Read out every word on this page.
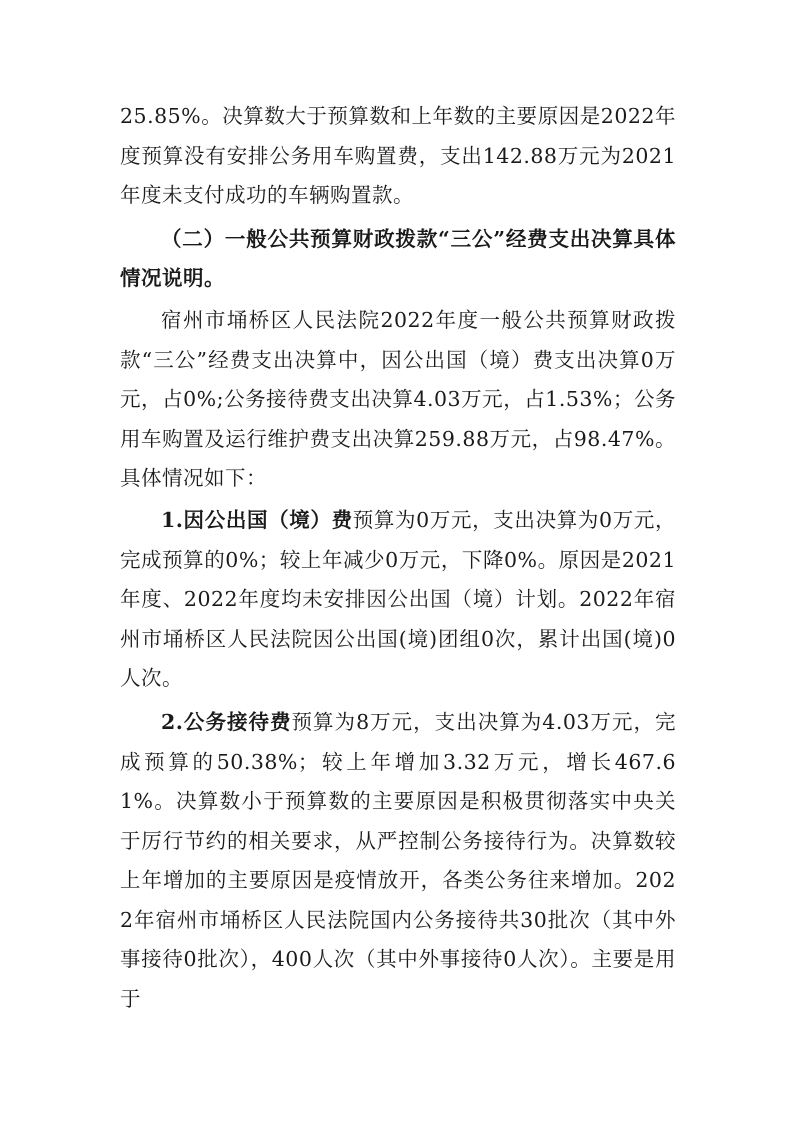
25.85%。决算数大于预算数和上年数的主要原因是2022年度预算没有安排公务用车购置费，支出142.88万元为2021年度未支付成功的车辆购置款。

（二）一般公共预算财政拨款“三公”经费支出决算具体情况说明。

宿州市埇桥区人民法院2022年度一般公共预算财政拨款“三公”经费支出决算中，因公出国（境）费支出决算0万元，占0%;公务接待费支出决算4.03万元，占1.53%；公务用车购置及运行维护费支出决算259.88万元，占98.47%。具体情况如下：

1.因公出国（境）费预算为0万元，支出决算为0万元，完成预算的0%；较上年减少0万元，下降0%。原因是2021年度、2022年度均未安排因公出国（境）计划。2022年宿州市埇桥区人民法院因公出国(境)团组0次，累计出国(境)0人次。

2.公务接待费预算为8万元，支出决算为4.03万元，完成预算的50.38%；较上年增加3.32万元，增长467.61%。决算数小于预算数的主要原因是积极贯彻落实中央关于厉行节约的相关要求，从严控制公务接待行为。决算数较上年增加的主要原因是疫情放开，各类公务往来增加。2022年宿州市埇桥区人民法院国内公务接待共30批次（其中外事接待0批次），400人次（其中外事接待0人次）。主要是用于
